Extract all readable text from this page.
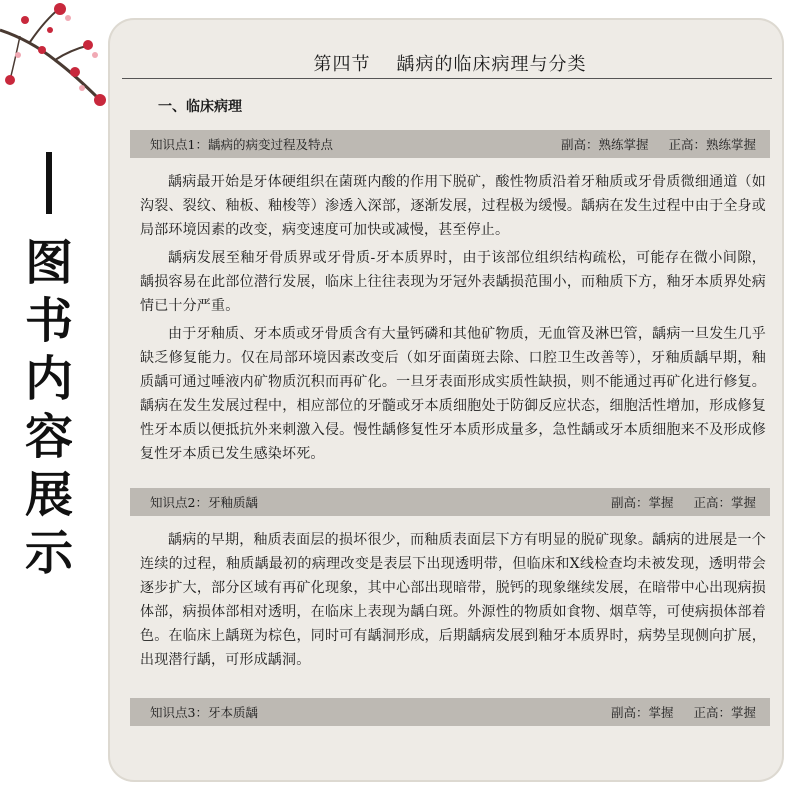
图
书
内
容
展
示
第四节 龋病的临床病理与分类
一、临床病理
知识点1：龋病的病变过程及特点	副高：熟练掌握 正高：熟练掌握

龋病最开始是牙体硬组织在菌斑内酸的作用下脱矿，酸性物质沿着牙釉质或牙骨质微细通道（如沟裂、裂纹、釉板、釉梭等）渗透入深部，逐渐发展，过程极为缓慢。龋病在发生过程中由于全身或局部环境因素的改变，病变速度可加快或减慢，甚至停止。

龋病发展至釉牙骨质界或牙骨质-牙本质界时，由于该部位组织结构疏松，可能存在微小间隙，龋损容易在此部位潜行发展，临床上往往表现为牙冠外表龋损范围小，而釉质下方，釉牙本质界处病情已十分严重。

由于牙釉质、牙本质或牙骨质含有大量钙磷和其他矿物质，无血管及淋巴管，龋病一旦发生几乎缺乏修复能力。仅在局部环境因素改变后（如牙面菌斑去除、口腔卫生改善等），牙釉质龋早期，釉质龋可通过唾液内矿物质沉积而再矿化。一旦牙表面形成实质性缺损，则不能通过再矿化进行修复。龋病在发生发展过程中，相应部位的牙髓或牙本质细胞处于防御反应状态，细胞活性增加，形成修复性牙本质以便抵抗外来刺激入侵。慢性龋修复性牙本质形成量多，急性龋或牙本质细胞来不及形成修复性牙本质已发生感染坏死。

知识点2：牙釉质龋	副高：掌握 正高：掌握

龋病的早期，釉质表面层的损坏很少，而釉质表面层下方有明显的脱矿现象。龋病的进展是一个连续的过程，釉质龋最初的病理改变是表层下出现透明带，但临床和X线检查均未被发现，透明带会逐步扩大，部分区域有再矿化现象，其中心部出现暗带，脱钙的现象继续发展，在暗带中心出现病损体部，病损体部相对透明，在临床上表现为龋白斑。外源性的物质如食物、烟草等，可使病损体部着色。在临床上龋斑为棕色，同时可有龋洞形成，后期龋病发展到釉牙本质界时，病势呈现侧向扩展，出现潜行龋，可形成龋洞。

知识点3：牙本质龋	副高：掌握 正高：掌握
